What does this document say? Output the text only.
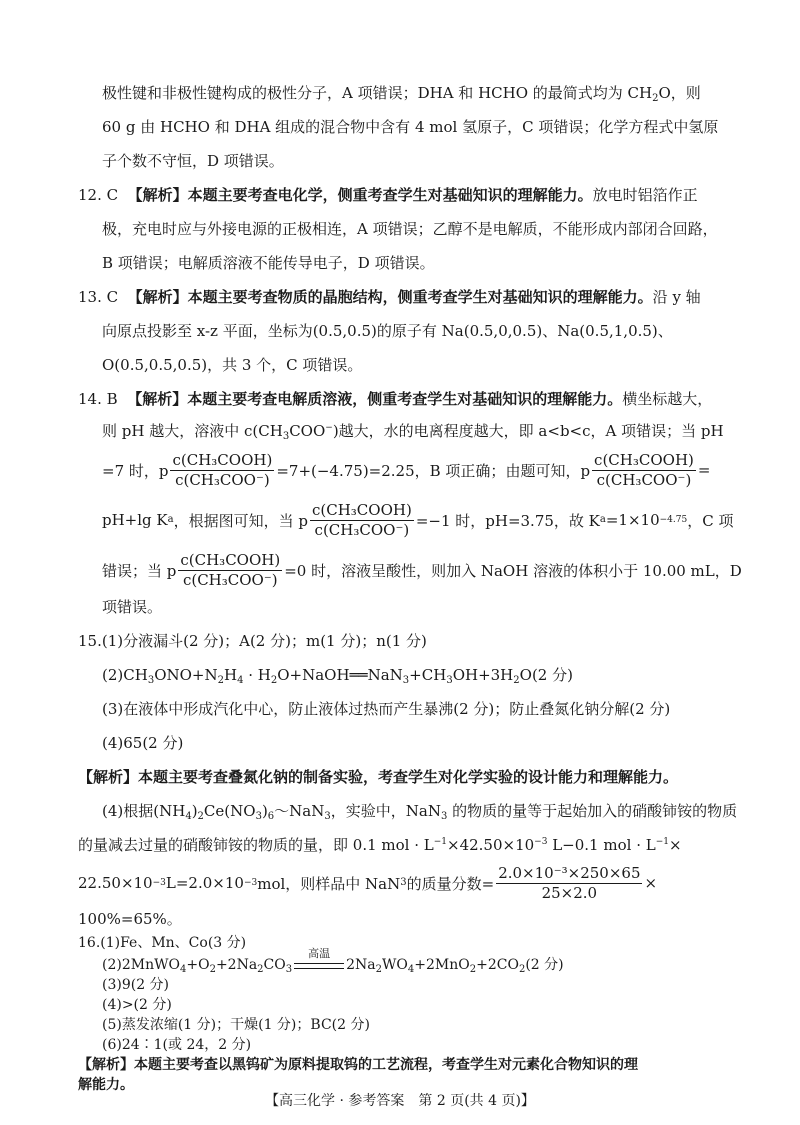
极性键和非极性键构成的极性分子，A 项错误；DHA 和 HCHO 的最简式均为 $CH_2O$，则
60 g 由 HCHO 和 DHA 组成的混合物中含有 4 mol 氢原子，C 项错误；化学方程式中氢原
子个数不守恒，D 项错误。
12. C 【解析】本题主要考查电化学，侧重考查学生对基础知识的理解能力。放电时铝箔作正
极，充电时应与外接电源的正极相连，A 项错误；乙醇不是电解质，不能形成内部闭合回路，
B 项错误；电解质溶液不能传导电子，D 项错误。
13. C 【解析】本题主要考查物质的晶胞结构，侧重考查学生对基础知识的理解能力。沿 y 轴
向原点投影至 x-z 平面，坐标为(0.5,0.5)的原子有 Na(0.5,0,0.5)、Na(0.5,1,0.5)、
O(0.5,0.5,0.5)，共 3 个，C 项错误。
14. B 【解析】本题主要考查电解质溶液，侧重考查学生对基础知识的理解能力。横坐标越大，
则 pH 越大，溶液中 $c(CH_3COO^-)$越大，水的电离程度越大，即 a<b<c，A 项错误；当 pH
=7 时，p $\frac{\text{c(CH₃COOH)}}{\text{c(CH₃COO⁻)}} =7+(-4.75)=2.25$，B 项正确；由题可知，p $\frac{\text{c(CH₃COOH)}}{\text{c(CH₃COO⁻)}}$ =
pH+lg K a ，根据图可知，当 p $\frac{\text{c(CH₃COOH)}}{\text{c(CH₃COO⁻)}} =-1$ 时，pH=3.75，故 K a =1×10 −4.75 ，C 项
错误；当 p $\frac{\text{c(CH₃COOH)}}{\text{c(CH₃COO⁻)}} =0$ 时，溶液呈酸性，则加入 NaOH 溶液的体积小于 10.00 mL，D
项错误。
15.(1)分液漏斗(2 分)；A(2 分)；m(1 分)；n(1 分)
$(2)CH_3ONO+N_2H_4$ · $H_2O+NaOH══NaN_3+CH_3OH+3H_2O(2$ 分)
(3)在液体中形成汽化中心，防止液体过热而产生暴沸(2 分)；防止叠氮化钠分解(2 分)
(4)65(2 分)
【解析】本题主要考查叠氮化钠的制备实验，考查学生对化学实验的设计能力和理解能力。
(4)根据$(NH_4)_2Ce(NO_3)_6\sim NaN_3$，实验中，NaN$_3$ 的物质的量等于起始加入的硝酸铈铵的物质
的量减去过量的硝酸铈铵的物质的量，即 0.1 mol · $L^{-1}\times 42.50\times 10^{-3}$ L−0.1 mol · $L^{-1}\times$
22.50×10 −3 L=2.0×10 −3 mol，则样品中 NaN 3 的质量分数= $\frac{\text{2.0×10⁻³×250×65}}{25\times 2.0}$ ×
100%=65%。
16.(1)Fe、Mn、Co(3 分)
$(2)2MnWO_4+O_2+2Na_2CO_3$
高温
$2Na_2WO_4+2MnO_2+2CO_2(2$ 分)
(3)9(2 分)
(4)>(2 分)
【高三化学 · 参考答案　第 2 页(共 4 页)】
(5)蒸发浓缩(1 分)；干燥(1 分)；BC(2 分)
(6)24∶1(或 24，2 分)
【解析】本题主要考查以黑钨矿为原料提取钨的工艺流程，考查学生对元素化合物知识的理
解能力。
